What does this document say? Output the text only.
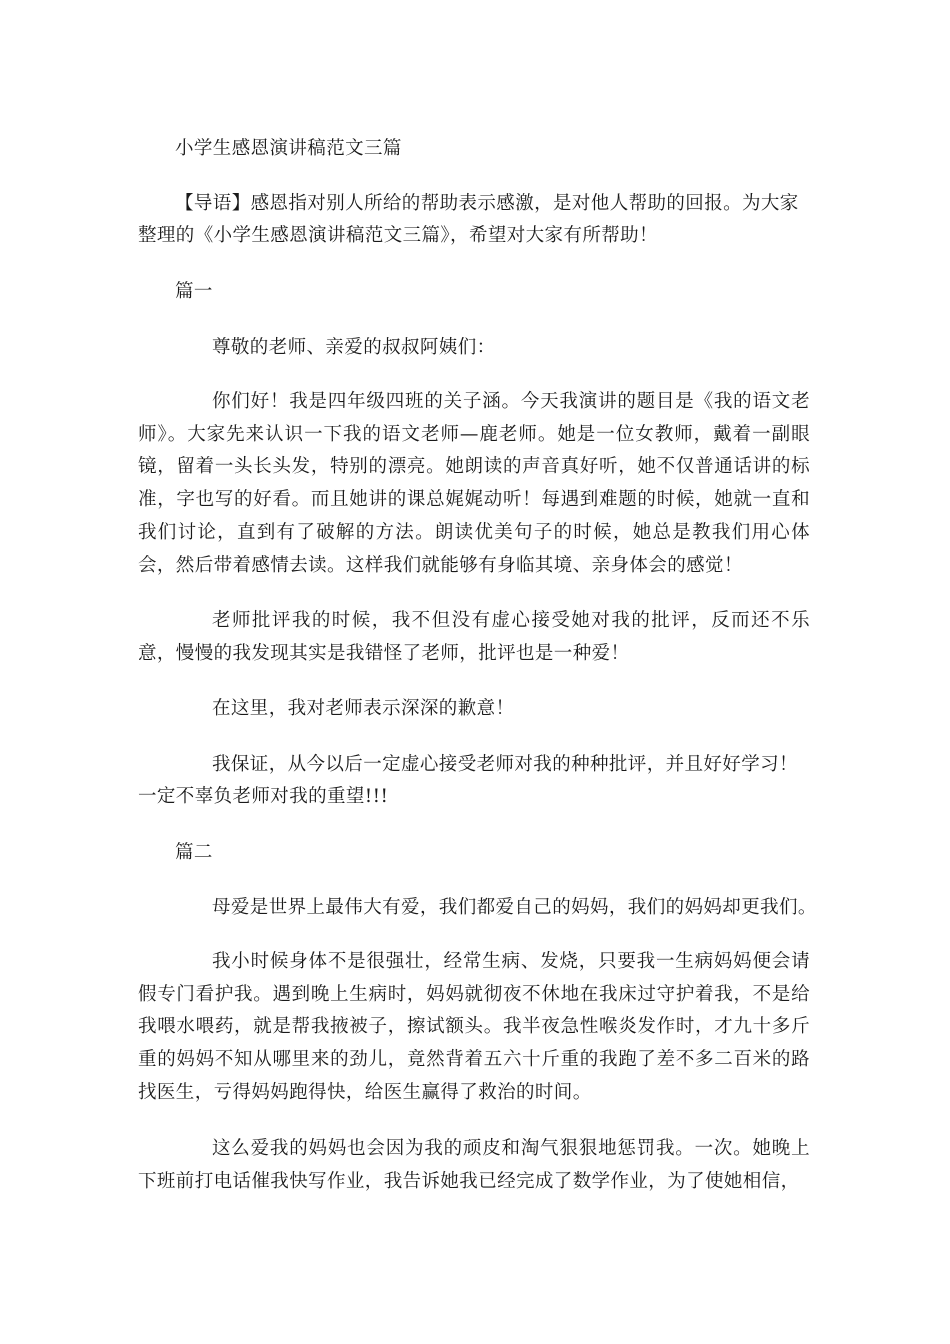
小学生感恩演讲稿范文三篇

【导语】感恩指对别人所给的帮助表示感激，是对他人帮助的回报。为大家

整理的《小学生感恩演讲稿范文三篇》，希望对大家有所帮助！

篇一

尊敬的老师、亲爱的叔叔阿姨们：

你们好！我是四年级四班的关子涵。今天我演讲的题目是《我的语文老师》。大家先来认识一下我的语文老师—鹿老师。她是一位女教师，戴着一副眼镜，留着一头长头发，特别的漂亮。她朗读的声音真好听，她不仅普通话讲的标准，字也写的好看。而且她讲的课总娓娓动听！每遇到难题的时候，她就一直和我们讨论，直到有了破解的方法。朗读优美句子的时候，她总是教我们用心体会，然后带着感情去读。这样我们就能够有身临其境、亲身体会的感觉！

老师批评我的时候，我不但没有虚心接受她对我的批评，反而还不乐意，慢慢的我发现其实是我错怪了老师，批评也是一种爱！

在这里，我对老师表示深深的歉意！

我保证，从今以后一定虚心接受老师对我的种种批评，并且好好学习！

一定不辜负老师对我的重望!!!

篇二

母爱是世界上最伟大有爱，我们都爱自己的妈妈，我们的妈妈却更我们。

我小时候身体不是很强壮，经常生病、发烧，只要我一生病妈妈便会请假专门看护我。遇到晚上生病时，妈妈就彻夜不休地在我床过守护着我，不是给我喂水喂药，就是帮我掖被子，擦试额头。我半夜急性喉炎发作时，才九十多斤重的妈妈不知从哪里来的劲儿，竟然背着五六十斤重的我跑了差不多二百米的路找医生，亏得妈妈跑得快，给医生赢得了救治的时间。

这么爱我的妈妈也会因为我的顽皮和淘气狠狠地惩罚我。一次。她晚上下班前打电话催我快写作业，我告诉她我已经完成了数学作业，为了使她相信，
